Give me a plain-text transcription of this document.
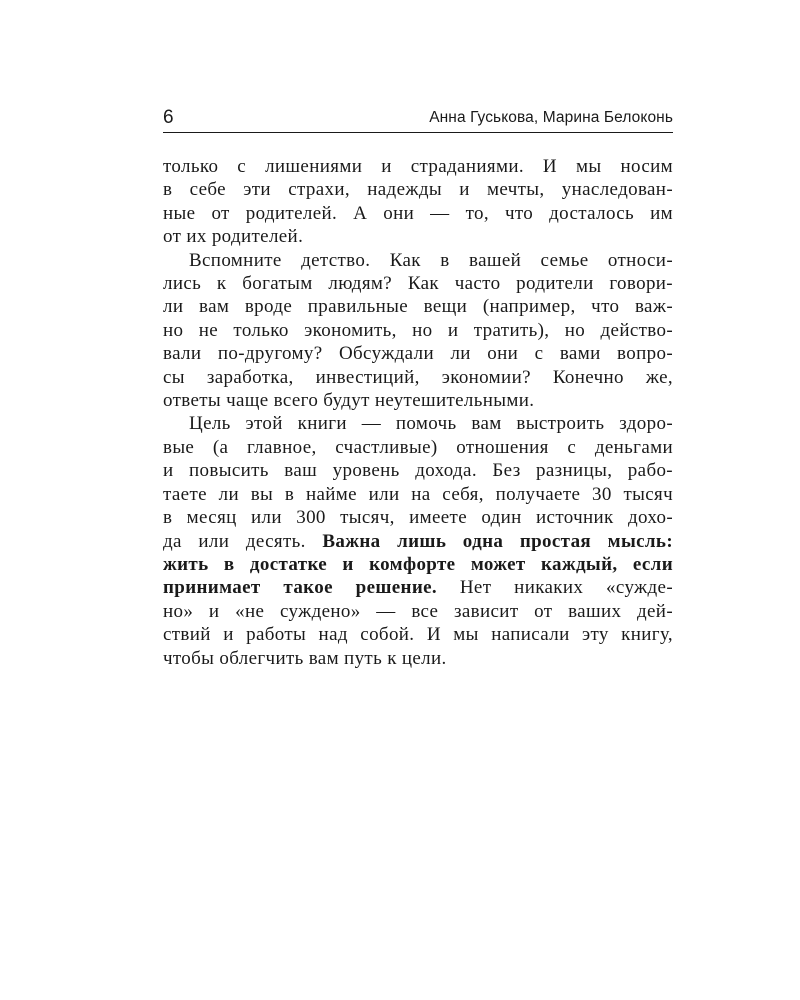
6	Анна Гуськова, Марина Белоконь
только с лишениями и страданиями. И мы носим
в себе эти страхи, надежды и мечты, унаследован-
ные от родителей. А они — то, что досталось им
от их родителей.
Вспомните детство. Как в вашей семье относи-
лись к богатым людям? Как часто родители говори-
ли вам вроде правильные вещи (например, что важ-
но не только экономить, но и тратить), но действо-
вали по-другому? Обсуждали ли они с вами вопро-
сы заработка, инвестиций, экономии? Конечно же,
ответы чаще всего будут неутешительными.
Цель этой книги — помочь вам выстроить здоро-
вые (а главное, счастливые) отношения с деньгами
и повысить ваш уровень дохода. Без разницы, рабо-
таете ли вы в найме или на себя, получаете 30 тысяч
в месяц или 300 тысяч, имеете один источник дохо-
да или десять. Важна лишь одна простая мысль:
жить в достатке и комфорте может каждый, если
принимает такое решение. Нет никаких «сужде-
но» и «не суждено» — все зависит от ваших дей-
ствий и работы над собой. И мы написали эту книгу,
чтобы облегчить вам путь к цели.
